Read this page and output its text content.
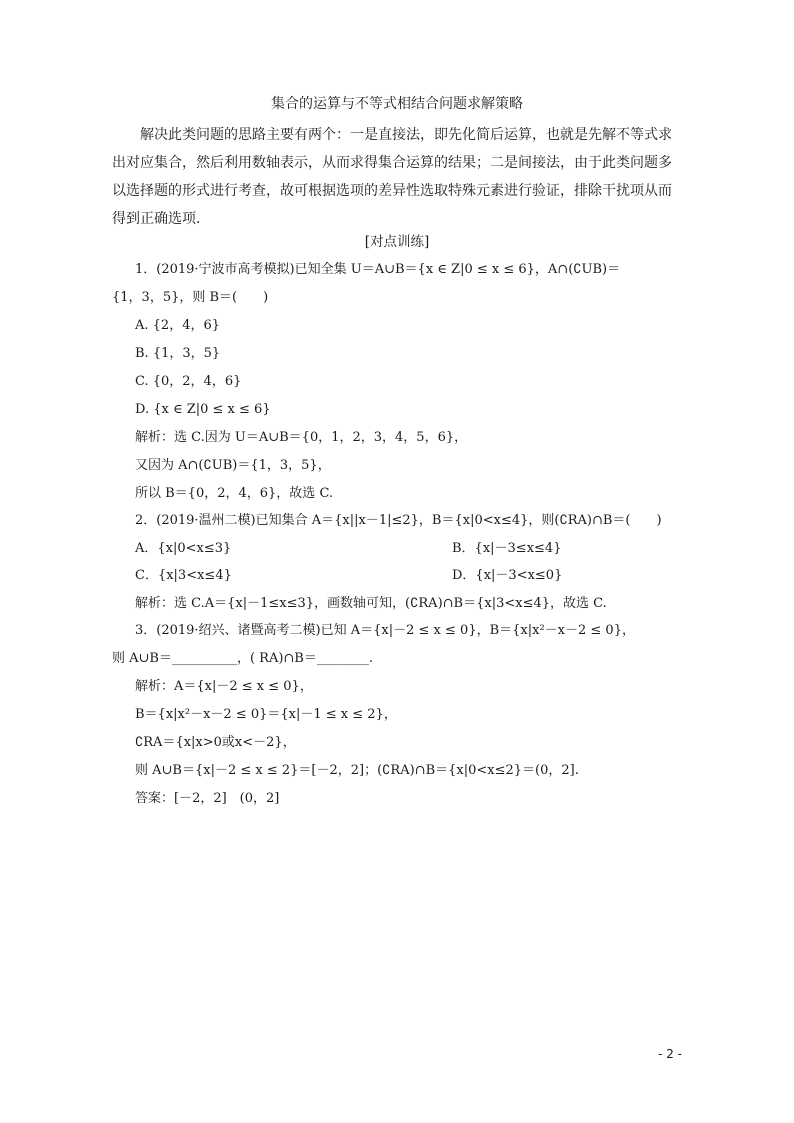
集合的运算与不等式相结合问题求解策略
解决此类问题的思路主要有两个：一是直接法，即先化简后运算，也就是先解不等式求
出对应集合，然后利用数轴表示，从而求得集合运算的结果；二是间接法，由于此类问题多
以选择题的形式进行考查，故可根据选项的差异性选取特殊元素进行验证，排除干扰项从而
得到正确选项．
[对点训练]
1．(2019·宁波市高考模拟)已知全集 U＝A∪B＝{x ∈ Z|0 ≤ x ≤ 6}，A∩(∁UB)＝
{1，3，5}，则 B＝(　　)
A. {2，4，6}
B. {1，3，5}
C. {0，2，4，6}
D. {x ∈ Z|0 ≤ x ≤ 6}
解析：选 C.因为 U＝A∪B＝{0，1，2，3，4，5，6}，
又因为 A∩(∁UB)＝{1，3，5}，
所以 B＝{0，2，4，6}，故选 C.
2．(2019·温州二模)已知集合 A＝{x||x－1|≤2}，B＝{x|0<x≤4}，则(∁RA)∩B＝(　　)
A．{x|0<x≤3}	B．{x|－3≤x≤4}
C．{x|3<x≤4}	D．{x|－3<x≤0}
解析：选 C.A＝{x|－1≤x≤3}，画数轴可知，(∁RA)∩B＝{x|3<x≤4}，故选 C.
3．(2019·绍兴、诸暨高考二模)已知 A＝{x|－2 ≤ x ≤ 0}，B＝{x|x²－x－2 ≤ 0}，
则 A∪B＝__________，( RA)∩B＝________.
解析：A＝{x|－2 ≤ x ≤ 0}，
B＝{x|x²－x－2 ≤ 0}＝{x|－1 ≤ x ≤ 2}，
∁RA＝{x|x>0或x<－2}，
则 A∪B＝{x|－2 ≤ x ≤ 2}＝[－2，2]；(∁RA)∩B＝{x|0<x≤2}＝(0，2].
答案：[－2，2]　(0，2]
- 2 -
